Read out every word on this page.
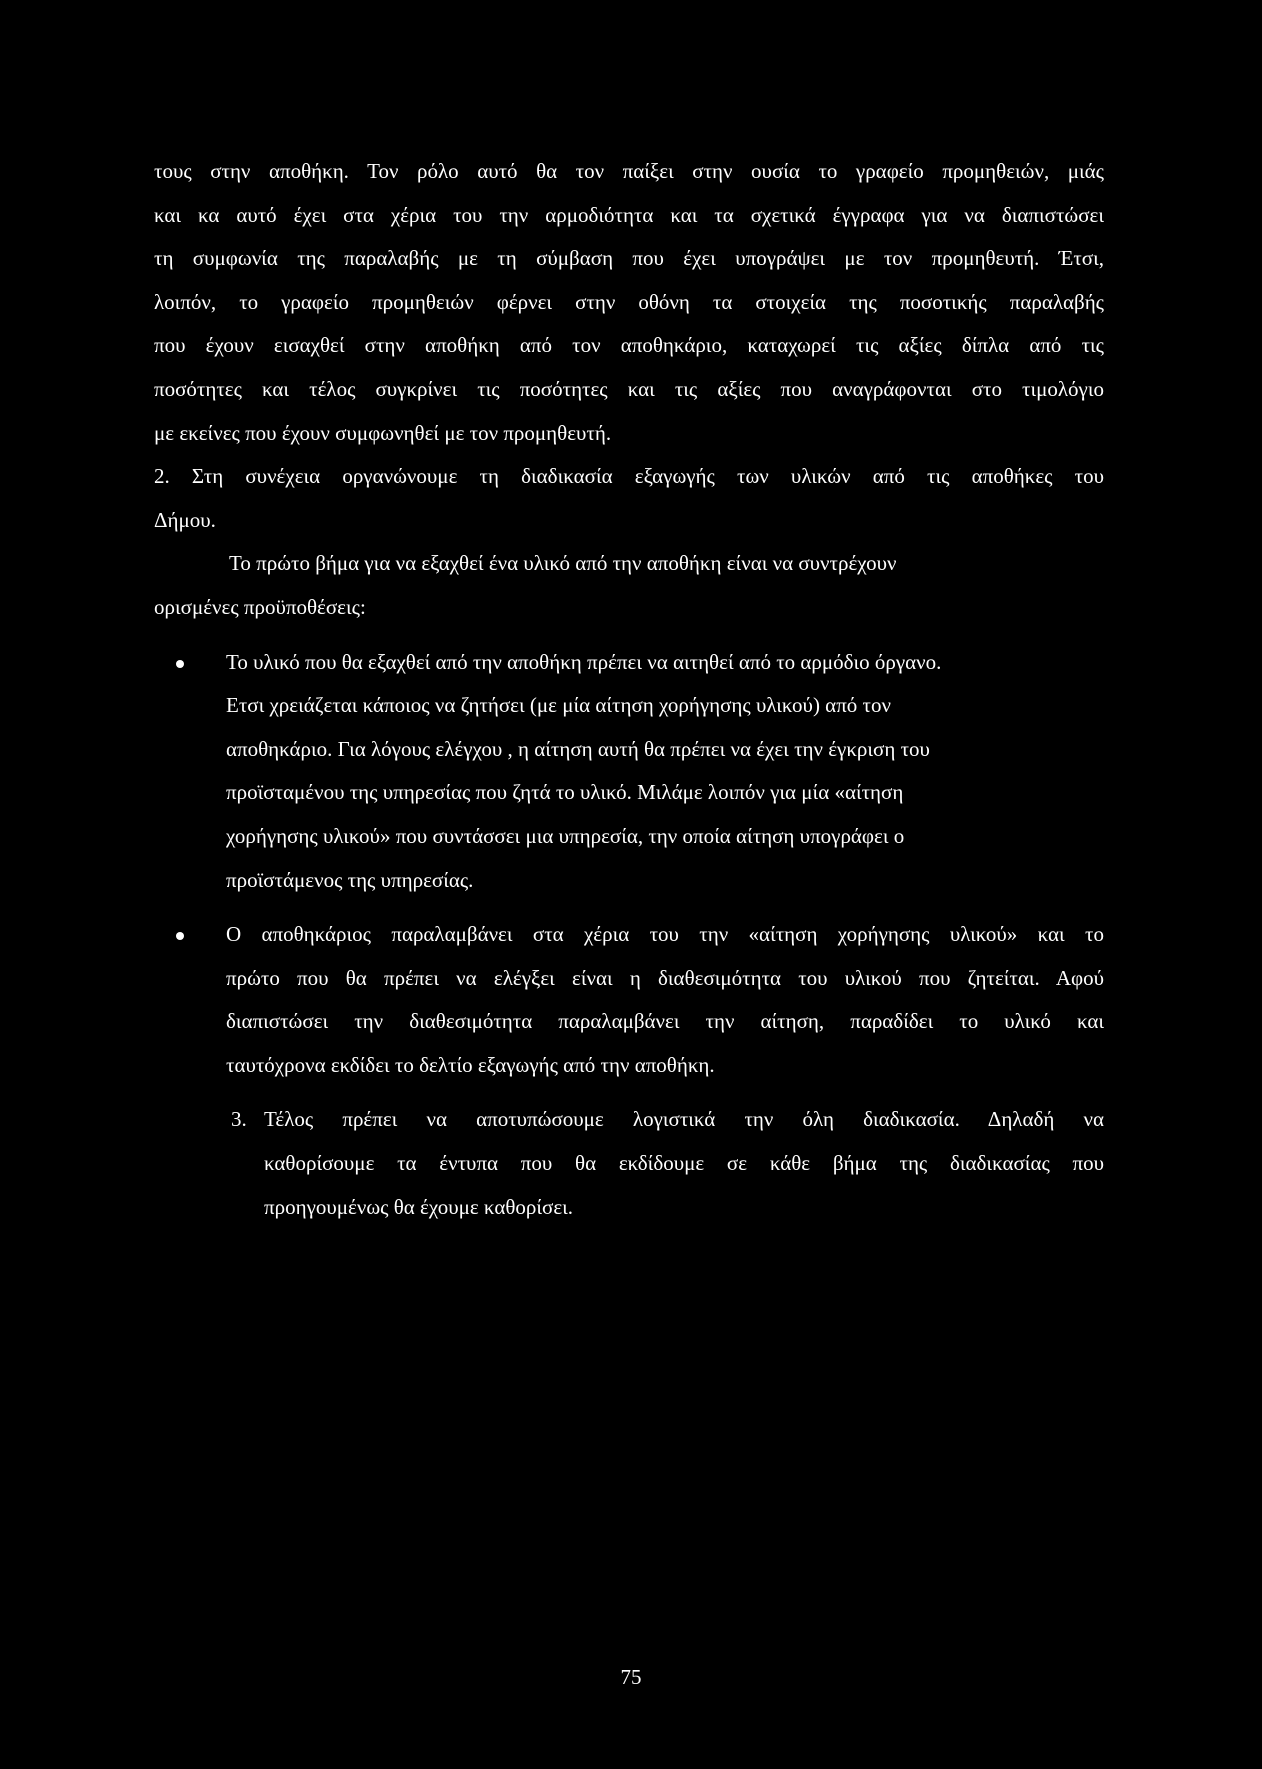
τους στην αποθήκη. Τον ρόλο αυτό θα τον παίξει στην ουσία το γραφείο προμηθειών, μιάς
και κα αυτό έχει στα χέρια του την αρμοδιότητα και τα σχετικά έγγραφα για να διαπιστώσει
τη συμφωνία της παραλαβής με τη σύμβαση που έχει υπογράψει με τον προμηθευτή. Έτσι,
λοιπόν, το γραφείο προμηθειών φέρνει στην οθόνη τα στοιχεία της ποσοτικής παραλαβής
που έχουν εισαχθεί στην αποθήκη από τον αποθηκάριο, καταχωρεί τις αξίες δίπλα από τις
ποσότητες και τέλος συγκρίνει τις ποσότητες και τις αξίες που αναγράφονται στο τιμολόγιο
με εκείνες που έχουν συμφωνηθεί με τον προμηθευτή.
2. Στη συνέχεια οργανώνουμε τη διαδικασία εξαγωγής των υλικών από τις αποθήκες του
Δήμου.
Το πρώτο βήμα για να εξαχθεί ένα υλικό από την αποθήκη είναι να συντρέχουν
ορισμένες προϋποθέσεις:
Το υλικό που θα εξαχθεί από την αποθήκη πρέπει να αιτηθεί από το αρμόδιο όργανο.
Ετσι χρειάζεται κάποιος να ζητήσει (με μία αίτηση χορήγησης υλικού) από τον
αποθηκάριο. Για λόγους ελέγχου , η αίτηση αυτή θα πρέπει να έχει την έγκριση του
προϊσταμένου της υπηρεσίας που ζητά το υλικό. Μιλάμε λοιπόν για μία «αίτηση
χορήγησης υλικού» που συντάσσει μια υπηρεσία, την οποία αίτηση υπογράφει ο
προϊστάμενος της υπηρεσίας.
Ο αποθηκάριος παραλαμβάνει στα χέρια του την «αίτηση χορήγησης υλικού» και το
πρώτο που θα πρέπει να ελέγξει είναι η διαθεσιμότητα του υλικού που ζητείται. Αφού
διαπιστώσει την διαθεσιμότητα παραλαμβάνει την αίτηση, παραδίδει το υλικό και
ταυτόχρονα εκδίδει το δελτίο εξαγωγής από την αποθήκη.
3. Τέλος πρέπει να αποτυπώσουμε λογιστικά την όλη διαδικασία. Δηλαδή να
καθορίσουμε τα έντυπα που θα εκδίδουμε σε κάθε βήμα της διαδικασίας που
προηγουμένως θα έχουμε καθορίσει.
75
